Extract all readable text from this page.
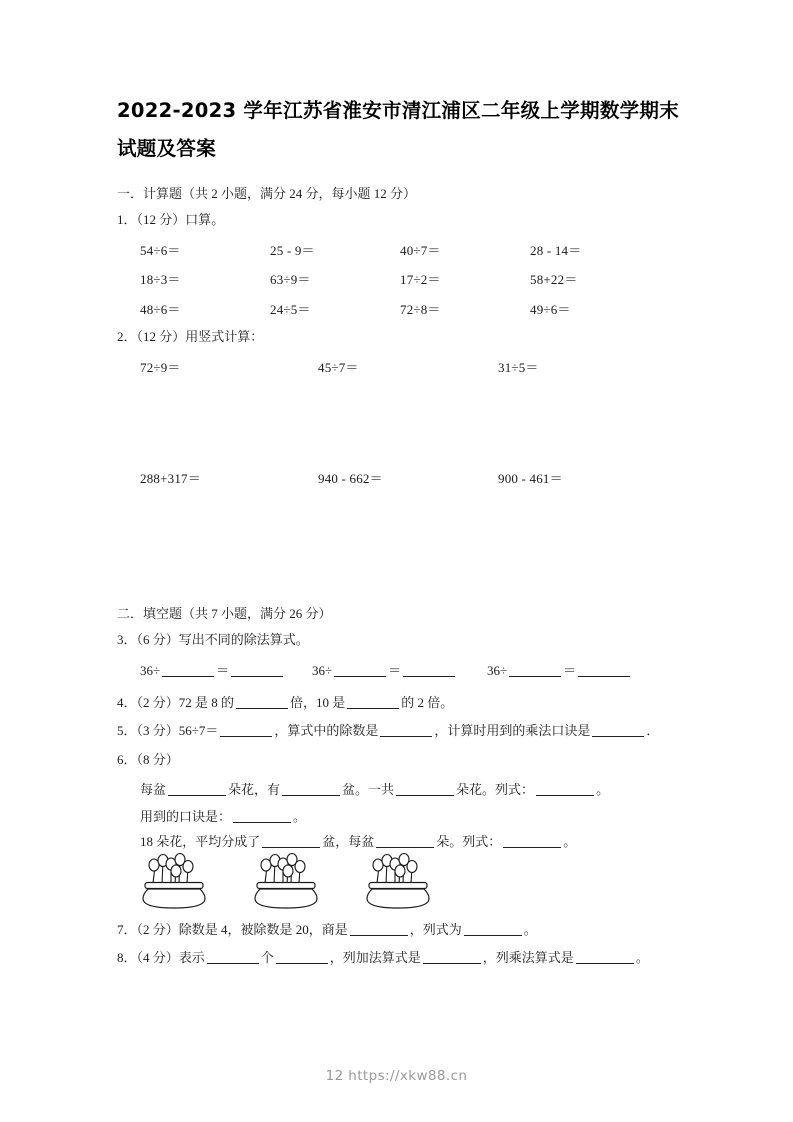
2022-2023 学年江苏省淮安市清江浦区二年级上学期数学期末试题及答案
一．计算题（共 2 小题，满分 24 分，每小题 12 分）
1．（12 分）口算。
54÷6＝	25 - 9＝	40÷7＝	28 - 14＝
18÷3＝	63÷9＝	17÷2＝	58+22＝
48÷6＝	24÷5＝	72÷8＝	49÷6＝
2．（12 分）用竖式计算：
72÷9＝	45÷7＝	31÷5＝
288+317＝	940 - 662＝	900 - 461＝
二．填空题（共 7 小题，满分 26 分）
3．（6 分）写出不同的除法算式。
36÷	＝	36÷	＝	36÷	＝
4．（2 分）72 是 8 的	倍，10 是	的 2 倍。
5．（3 分）56÷7＝	，算式中的除数是	，计算时用到的乘法口诀是	．
6．（8 分）
每盆	朵花，有	盆。一共	朵花。列式：	。
用到的口诀是：	。
18 朵花，平均分成了	盆，每盆	朵。列式：	。
7．（2 分）除数是 4，被除数是 20，商是	，列式为	。
8．（4 分）表示	个	，列加法算式是	，列乘法算式是	。
12 https://xkw88.cn
